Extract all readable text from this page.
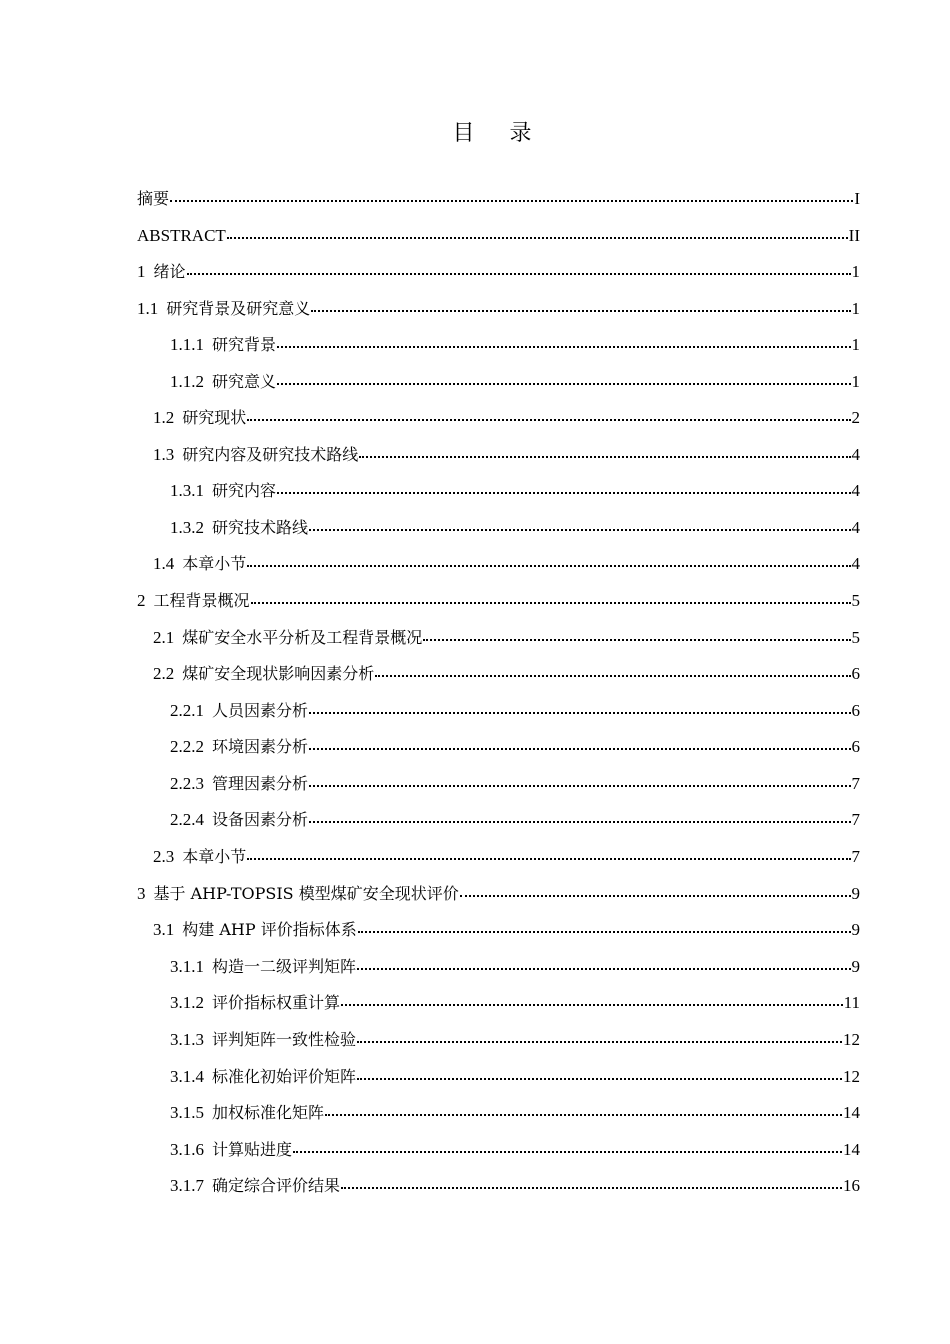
目 录
摘要	I
ABSTRACT	II
1 绪论	1
1.1 研究背景及研究意义	1
1.1.1 研究背景	1
1.1.2 研究意义	1
1.2 研究现状	2
1.3 研究内容及研究技术路线	4
1.3.1 研究内容	4
1.3.2 研究技术路线	4
1.4 本章小节	4
2 工程背景概况	5
2.1 煤矿安全水平分析及工程背景概况	5
2.2 煤矿安全现状影响因素分析	6
2.2.1 人员因素分析	6
2.2.2 环境因素分析	6
2.2.3 管理因素分析	7
2.2.4 设备因素分析	7
2.3 本章小节	7
3 基于 AHP-TOPSIS 模型煤矿安全现状评价	9
3.1 构建 AHP 评价指标体系	9
3.1.1 构造一二级评判矩阵	9
3.1.2 评价指标权重计算	11
3.1.3 评判矩阵一致性检验	12
3.1.4 标准化初始评价矩阵	12
3.1.5 加权标准化矩阵	14
3.1.6 计算贴进度	14
3.1.7 确定综合评价结果	16
